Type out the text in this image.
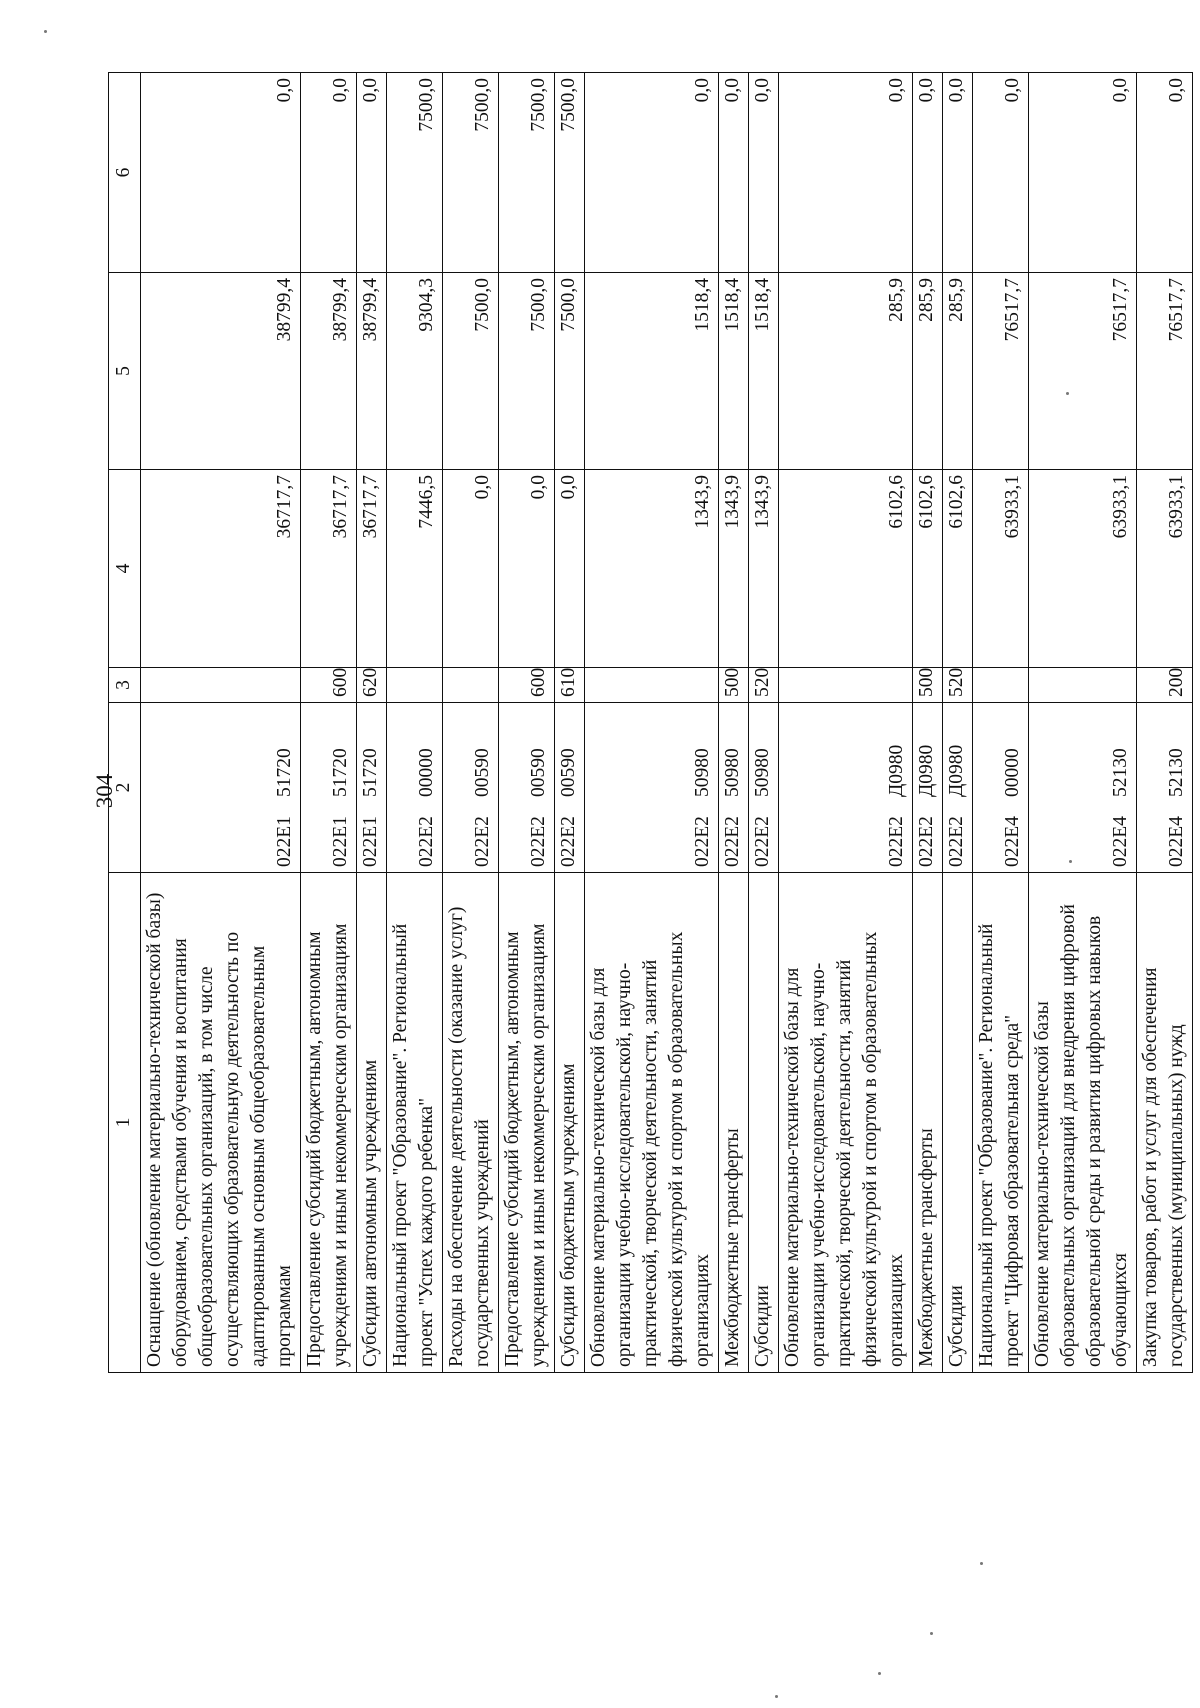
304
1	2	3	4	5	6
Оснащение (обновление материально-технической базы) оборудованием, средствами обучения и воспитания общеобразовательных организаций, в том числе осуществляющих образовательную деятельность по адаптированным основным общеобразовательным программам	022E151720		36717,7	38799,4	0,0
Предоставление субсидий бюджетным, автономным учреждениям и иным некоммерческим организациям	022E151720	600	36717,7	38799,4	0,0
Субсидии автономным учреждениям	022E151720	620	36717,7	38799,4	0,0
Национальный проект "Образование". Региональный проект "Успех каждого ребенка"	022E200000		7446,5	9304,3	7500,0
Расходы на обеспечение деятельности (оказание услуг) государственных учреждений	022E200590		0,0	7500,0	7500,0
Предоставление субсидий бюджетным, автономным учреждениям и иным некоммерческим организациям	022E200590	600	0,0	7500,0	7500,0
Субсидии бюджетным учреждениям	022E200590	610	0,0	7500,0	7500,0
Обновление материально-технической базы для организации учебно-исследовательской, научно-практической, творческой деятельности, занятий физической культурой и спортом в образовательных организациях	022E250980		1343,9	1518,4	0,0
Межбюджетные трансферты	022E250980	500	1343,9	1518,4	0,0
Субсидии	022E250980	520	1343,9	1518,4	0,0
Обновление материально-технической базы для организации учебно-исследовательской, научно-практической, творческой деятельности, занятий физической культурой и спортом в образовательных организациях	022E2Д0980		6102,6	285,9	0,0
Межбюджетные трансферты	022E2Д0980	500	6102,6	285,9	0,0
Субсидии	022E2Д0980	520	6102,6	285,9	0,0
Национальный проект "Образование". Региональный проект "Цифровая образовательная среда"	022E400000		63933,1	76517,7	0,0
Обновление материально-технической базы образовательных организаций для внедрения цифровой образовательной среды и развития цифровых навыков обучающихся	022E452130		63933,1	76517,7	0,0
Закупка товаров, работ и услуг для обеспечения государственных (муниципальных) нужд	022E452130	200	63933,1	76517,7	0,0
